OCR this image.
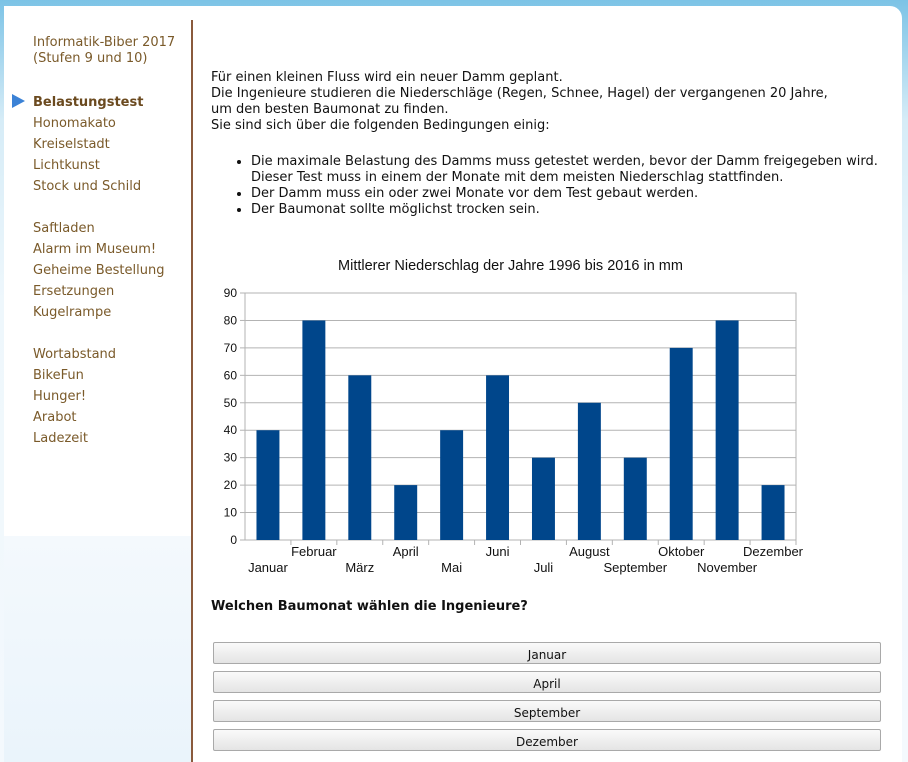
Informatik-Biber 2017
(Stufen 9 und 10)
Belastungstest
Honomakato
Kreiselstadt
Lichtkunst
Stock und Schild
Saftladen
Alarm im Museum!
Geheime Bestellung
Ersetzungen
Kugelrampe
Wortabstand
BikeFun
Hunger!
Arabot
Ladezeit
Für einen kleinen Fluss wird ein neuer Damm geplant.
Die Ingenieure studieren die Niederschläge (Regen, Schnee, Hagel) der vergangenen 20 Jahre,
um den besten Baumonat zu finden.
Sie sind sich über die folgenden Bedingungen einig:
• Die maximale Belastung des Damms muss getestet werden, bevor der Damm freigegeben wird.
Dieser Test muss in einem der Monate mit dem meisten Niederschlag stattfinden.
• Der Damm muss ein oder zwei Monate vor dem Test gebaut werden.
• Der Baumonat sollte möglichst trocken sein.
Mittlerer Niederschlag der Jahre 1996 bis 2016 in mm
0
10
20
30
40
50
60
70
80
90
Januar
Februar
März
April
Mai
Juni
Juli
August
September
Oktober
November
Dezember
Welchen Baumonat wählen die Ingenieure?
Januar
April
September
Dezember
